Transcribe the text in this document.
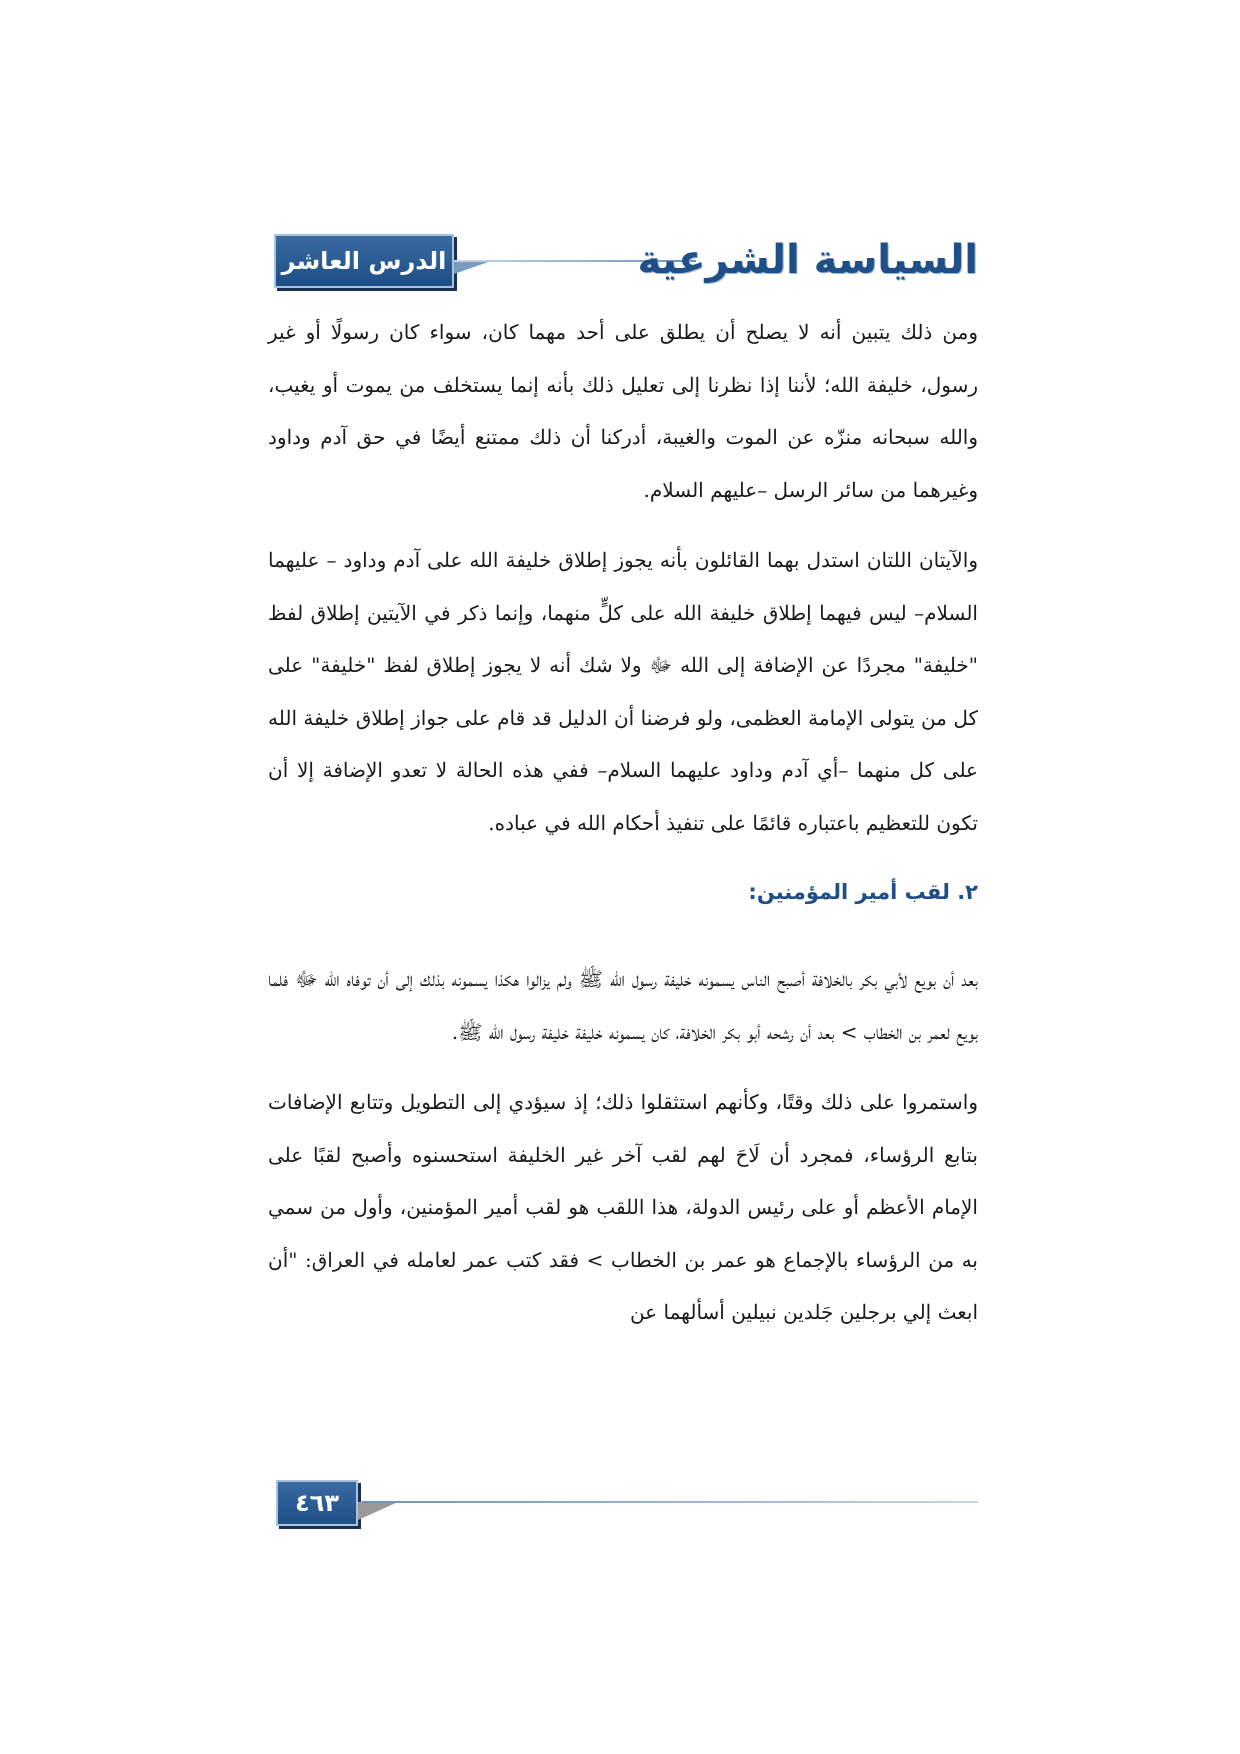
الدرس العاشر	السياسة الشرعية

ومن ذلك يتبين أنه لا يصلح أن يطلق على أحد مهما كان، سواء كان رسولًا أو غير رسول، خليفة الله؛ لأننا إذا نظرنا إلى تعليل ذلك بأنه إنما يستخلف من يموت أو يغيب، والله سبحانه منزّه عن الموت والغيبة، أدركنا أن ذلك ممتنع أيضًا في حق آدم وداود وغيرهما من سائر الرسل –عليهم السلام.

والآيتان اللتان استدل بهما القائلون بأنه يجوز إطلاق خليفة الله على آدم وداود – عليهما السلام– ليس فيهما إطلاق خليفة الله على كلٍّ منهما، وإنما ذكر في الآيتين إطلاق لفظ "خليفة" مجردًا عن الإضافة إلى الله ﷻ ولا شك أنه لا يجوز إطلاق لفظ "خليفة" على كل من يتولى الإمامة العظمى، ولو فرضنا أن الدليل قد قام على جواز إطلاق خليفة الله على كل منهما –أي آدم وداود عليهما السلام– ففي هذه الحالة لا تعدو الإضافة إلا أن تكون للتعظيم باعتباره قائمًا على تنفيذ أحكام الله في عباده.

٢. لقب أمير المؤمنين:

بعد أن بويع لأبي بكر بالخلافة أصبح الناس يسمونه خليفة رسول الله ﷺ ولم يزالوا هكذا يسمونه بذلك إلى أن توفاه الله ﷻ فلما بويع لعمر بن الخطاب > بعد أن رشحه أبو بكر الخلافة، كان يسمونه خليفة خليفة رسول الله ﷺ.

واستمروا على ذلك وقتًا، وكأنهم استثقلوا ذلك؛ إذ سيؤدي إلى التطويل وتتابع الإضافات بتابع الرؤساء، فمجرد أن لَاحَ لهم لقب آخر غير الخليفة استحسنوه وأصبح لقبًا على الإمام الأعظم أو على رئيس الدولة، هذا اللقب هو لقب أمير المؤمنين، وأول من سمي به من الرؤساء بالإجماع هو عمر بن الخطاب > فقد كتب عمر لعامله في العراق: "أن ابعث إلي برجلين جَلدين نبيلين أسألهما عن

٤٦٣
